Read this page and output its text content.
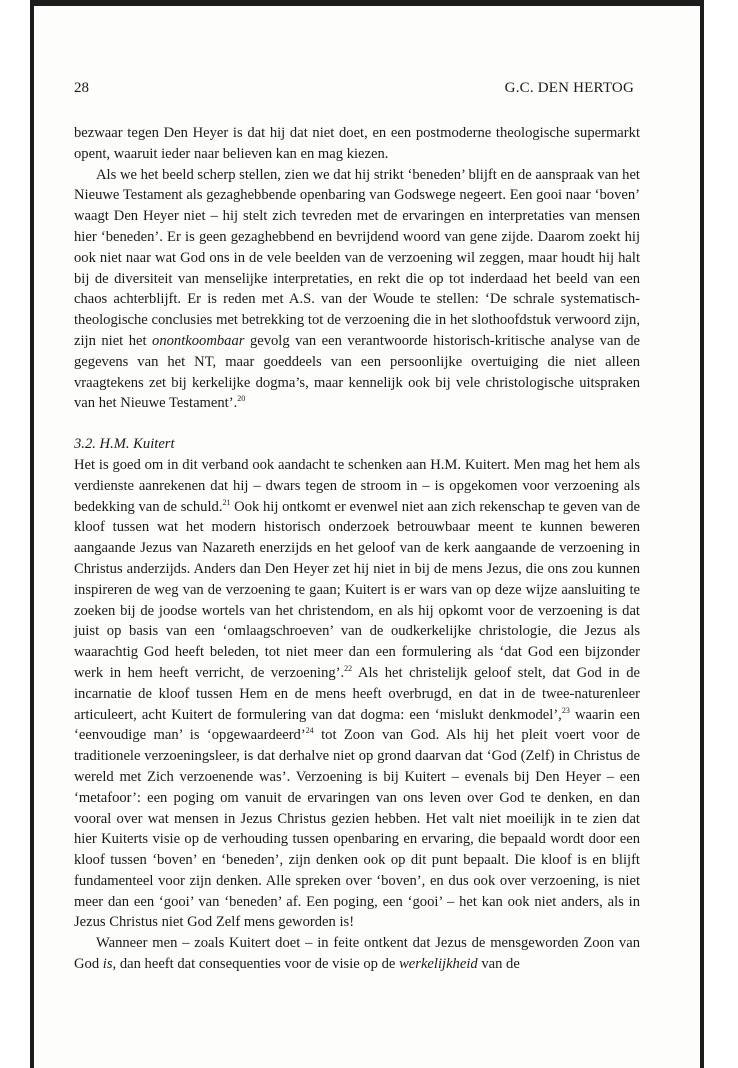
28	G.C. DEN HERTOG

bezwaar tegen Den Heyer is dat hij dat niet doet, en een postmoderne theologische supermarkt opent, waaruit ieder naar believen kan en mag kiezen.

Als we het beeld scherp stellen, zien we dat hij strikt ‘beneden’ blijft en de aanspraak van het Nieuwe Testament als gezaghebbende openbaring van Godswege negeert. Een gooi naar ‘boven’ waagt Den Heyer niet – hij stelt zich tevreden met de ervaringen en interpretaties van mensen hier ‘beneden’. Er is geen gezaghebbend en bevrijdend woord van gene zijde. Daarom zoekt hij ook niet naar wat God ons in de vele beelden van de verzoening wil zeggen, maar houdt hij halt bij de diversiteit van menselijke interpretaties, en rekt die op tot inderdaad het beeld van een chaos achterblijft. Er is reden met A.S. van der Woude te stellen: ‘De schrale systematisch-theologische conclusies met betrekking tot de verzoening die in het slothoofdstuk verwoord zijn, zijn niet het onontkoombaar gevolg van een verantwoorde historisch-kritische analyse van de gegevens van het NT, maar goeddeels van een persoonlijke overtuiging die niet alleen vraagtekens zet bij kerkelijke dogma’s, maar kennelijk ook bij vele christologische uitspraken van het Nieuwe Testament’.$^{20}$

3.2. H.M. Kuitert

Het is goed om in dit verband ook aandacht te schenken aan H.M. Kuitert. Men mag het hem als verdienste aanrekenen dat hij – dwars tegen de stroom in – is opgekomen voor verzoening als bedekking van de schuld.$^{21}$ Ook hij ontkomt er evenwel niet aan zich rekenschap te geven van de kloof tussen wat het modern historisch onderzoek betrouwbaar meent te kunnen beweren aangaande Jezus van Nazareth enerzijds en het geloof van de kerk aangaande de verzoening in Christus anderzijds. Anders dan Den Heyer zet hij niet in bij de mens Jezus, die ons zou kunnen inspireren de weg van de verzoening te gaan; Kuitert is er wars van op deze wijze aansluiting te zoeken bij de joodse wortels van het christendom, en als hij opkomt voor de verzoening is dat juist op basis van een ‘omlaagschroeven’ van de oudkerkelijke christologie, die Jezus als waarachtig God heeft beleden, tot niet meer dan een formulering als ‘dat God een bijzonder werk in hem heeft verricht, de verzoening’.$^{22}$ Als het christelijk geloof stelt, dat God in de incarnatie de kloof tussen Hem en de mens heeft overbrugd, en dat in de twee-naturenleer articuleert, acht Kuitert de formulering van dat dogma: een ‘mislukt denkmodel’,$^{23}$ waarin een ‘eenvoudige man’ is ‘opgewaardeerd’$^{24}$ tot Zoon van God. Als hij het pleit voert voor de traditionele verzoeningsleer, is dat derhalve niet op grond daarvan dat ‘God (Zelf) in Christus de wereld met Zich verzoenende was’. Verzoening is bij Kuitert – evenals bij Den Heyer – een ‘metafoor’: een poging om vanuit de ervaringen van ons leven over God te denken, en dan vooral over wat mensen in Jezus Christus gezien hebben. Het valt niet moeilijk in te zien dat hier Kuiterts visie op de verhouding tussen openbaring en ervaring, die bepaald wordt door een kloof tussen ‘boven’ en ‘beneden’, zijn denken ook op dit punt bepaalt. Die kloof is en blijft fundamenteel voor zijn denken. Alle spreken over ‘boven’, en dus ook over verzoening, is niet meer dan een ‘gooi’ van ‘beneden’ af. Een poging, een ‘gooi’ – het kan ook niet anders, als in Jezus Christus niet God Zelf mens geworden is!

Wanneer men – zoals Kuitert doet – in feite ontkent dat Jezus de mensgeworden Zoon van God is, dan heeft dat consequenties voor de visie op de werkelijkheid van de
